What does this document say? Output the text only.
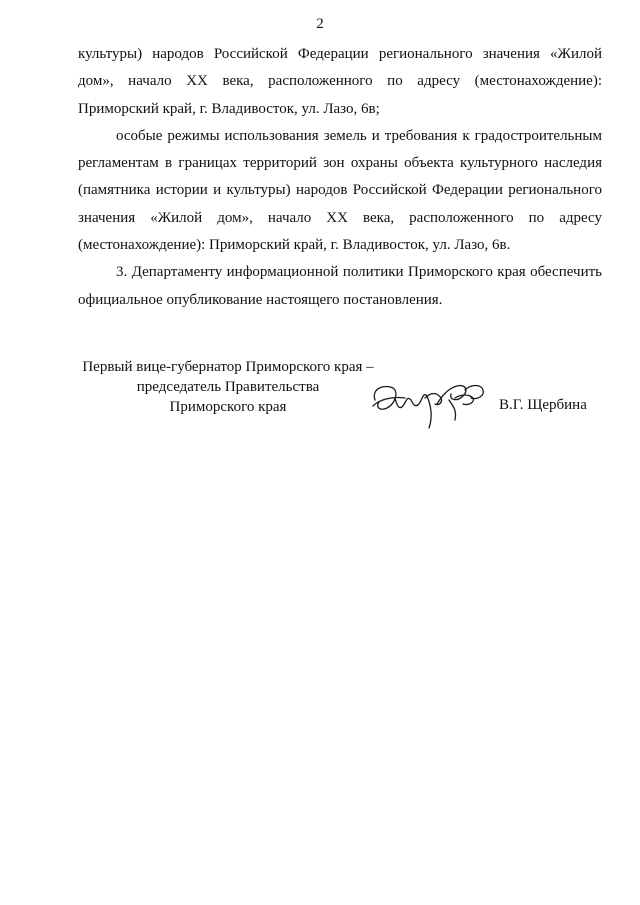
2

культуры) народов Российской Федерации регионального значения «Жилой дом», начало XX века, расположенного по адресу (местонахождение): Приморский край, г. Владивосток, ул. Лазо, 6в;

особые режимы использования земель и требования к градостроительным регламентам в границах территорий зон охраны объекта культурного наследия (памятника истории и культуры) народов Российской Федерации регионального значения «Жилой дом», начало XX века, расположенного по адресу (местонахождение): Приморский край, г. Владивосток, ул. Лазо, 6в.

3. Департаменту информационной политики Приморского края обеспечить официальное опубликование настоящего постановления.

Первый вице-губернатор Приморского края –
председатель Правительства
Приморского края	В.Г. Щербина
